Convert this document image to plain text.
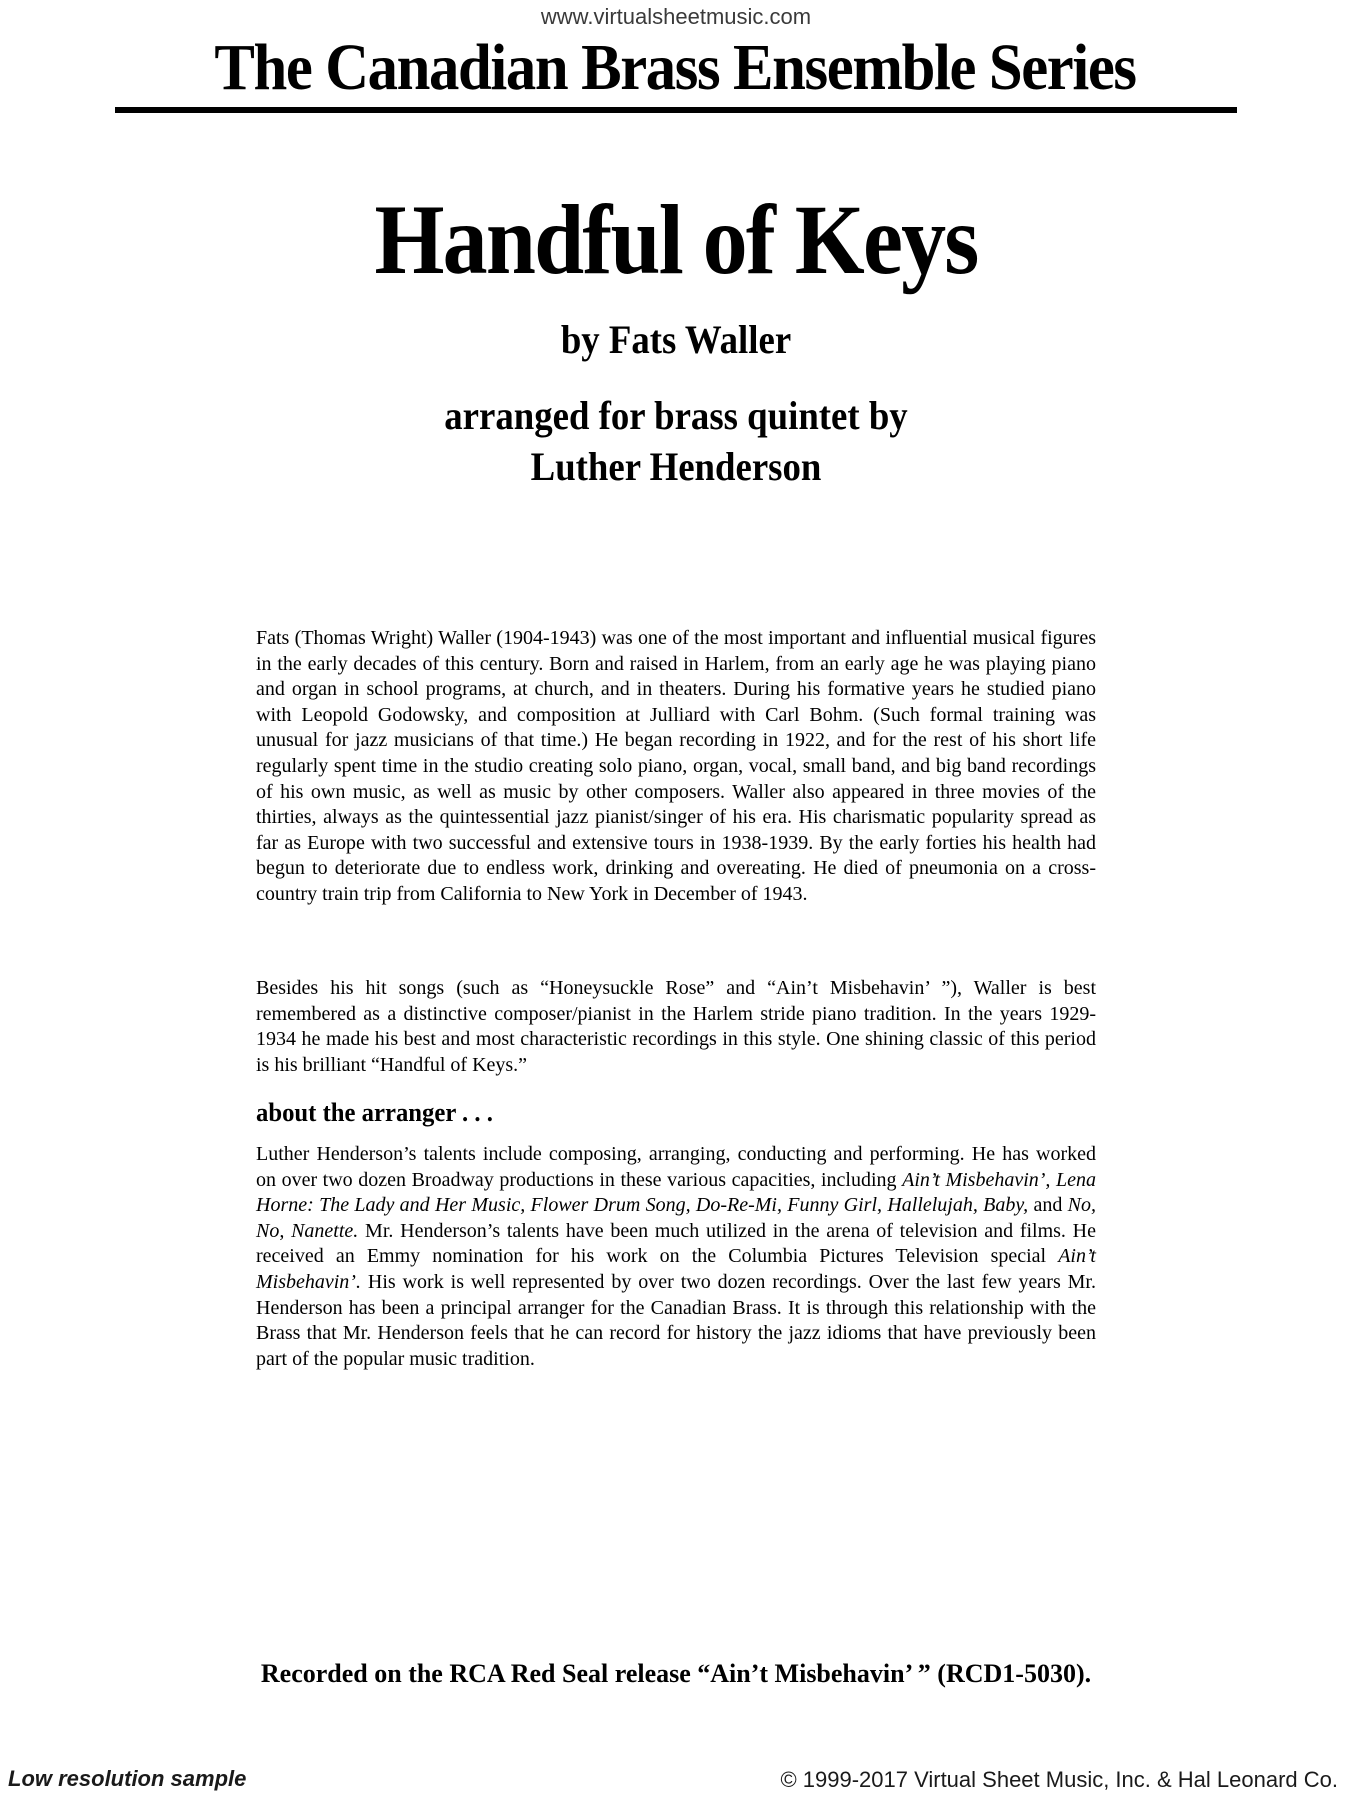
www.virtualsheetmusic.com
The Canadian Brass Ensemble Series
Handful of Keys
by Fats Waller
arranged for brass quintet by
Luther Henderson

Fats (Thomas Wright) Waller (1904-1943) was one of the most important and influential musical figures in the early decades of this century. Born and raised in Harlem, from an early age he was playing piano and organ in school programs, at church, and in theaters. During his formative years he studied piano with Leopold Godowsky, and composition at Julliard with Carl Bohm. (Such formal training was unusual for jazz musicians of that time.) He began recording in 1922, and for the rest of his short life regularly spent time in the studio creating solo piano, organ, vocal, small band, and big band recordings of his own music, as well as music by other composers. Waller also appeared in three movies of the thirties, always as the quintessential jazz pianist/singer of his era. His charismatic popularity spread as far as Europe with two successful and extensive tours in 1938-1939. By the early forties his health had begun to deteriorate due to endless work, drinking and overeating. He died of pneumonia on a cross-country train trip from California to New York in December of 1943.

Besides his hit songs (such as “Honeysuckle Rose” and “Ain’t Misbehavin’ ”), Waller is best remembered as a distinctive composer/pianist in the Harlem stride piano tradition. In the years 1929-1934 he made his best and most characteristic recordings in this style. One shining classic of this period is his brilliant “Handful of Keys.”

about the arranger . . .

Luther Henderson’s talents include composing, arranging, conducting and performing. He has worked on over two dozen Broadway productions in these various capacities, including Ain’t Misbehavin’, Lena Horne: The Lady and Her Music, Flower Drum Song, Do-Re-Mi, Funny Girl, Hallelujah, Baby, and No, No, Nanette. Mr. Henderson’s talents have been much utilized in the arena of television and films. He received an Emmy nomination for his work on the Columbia Pictures Television special Ain’t Misbehavin’. His work is well represented by over two dozen recordings. Over the last few years Mr. Henderson has been a principal arranger for the Canadian Brass. It is through this relationship with the Brass that Mr. Henderson feels that he can record for history the jazz idioms that have previously been part of the popular music tradition.

Recorded on the RCA Red Seal release “Ain’t Misbehavin’ ” (RCD1-5030).
Low resolution sample	© 1999-2017 Virtual Sheet Music, Inc. & Hal Leonard Co.
